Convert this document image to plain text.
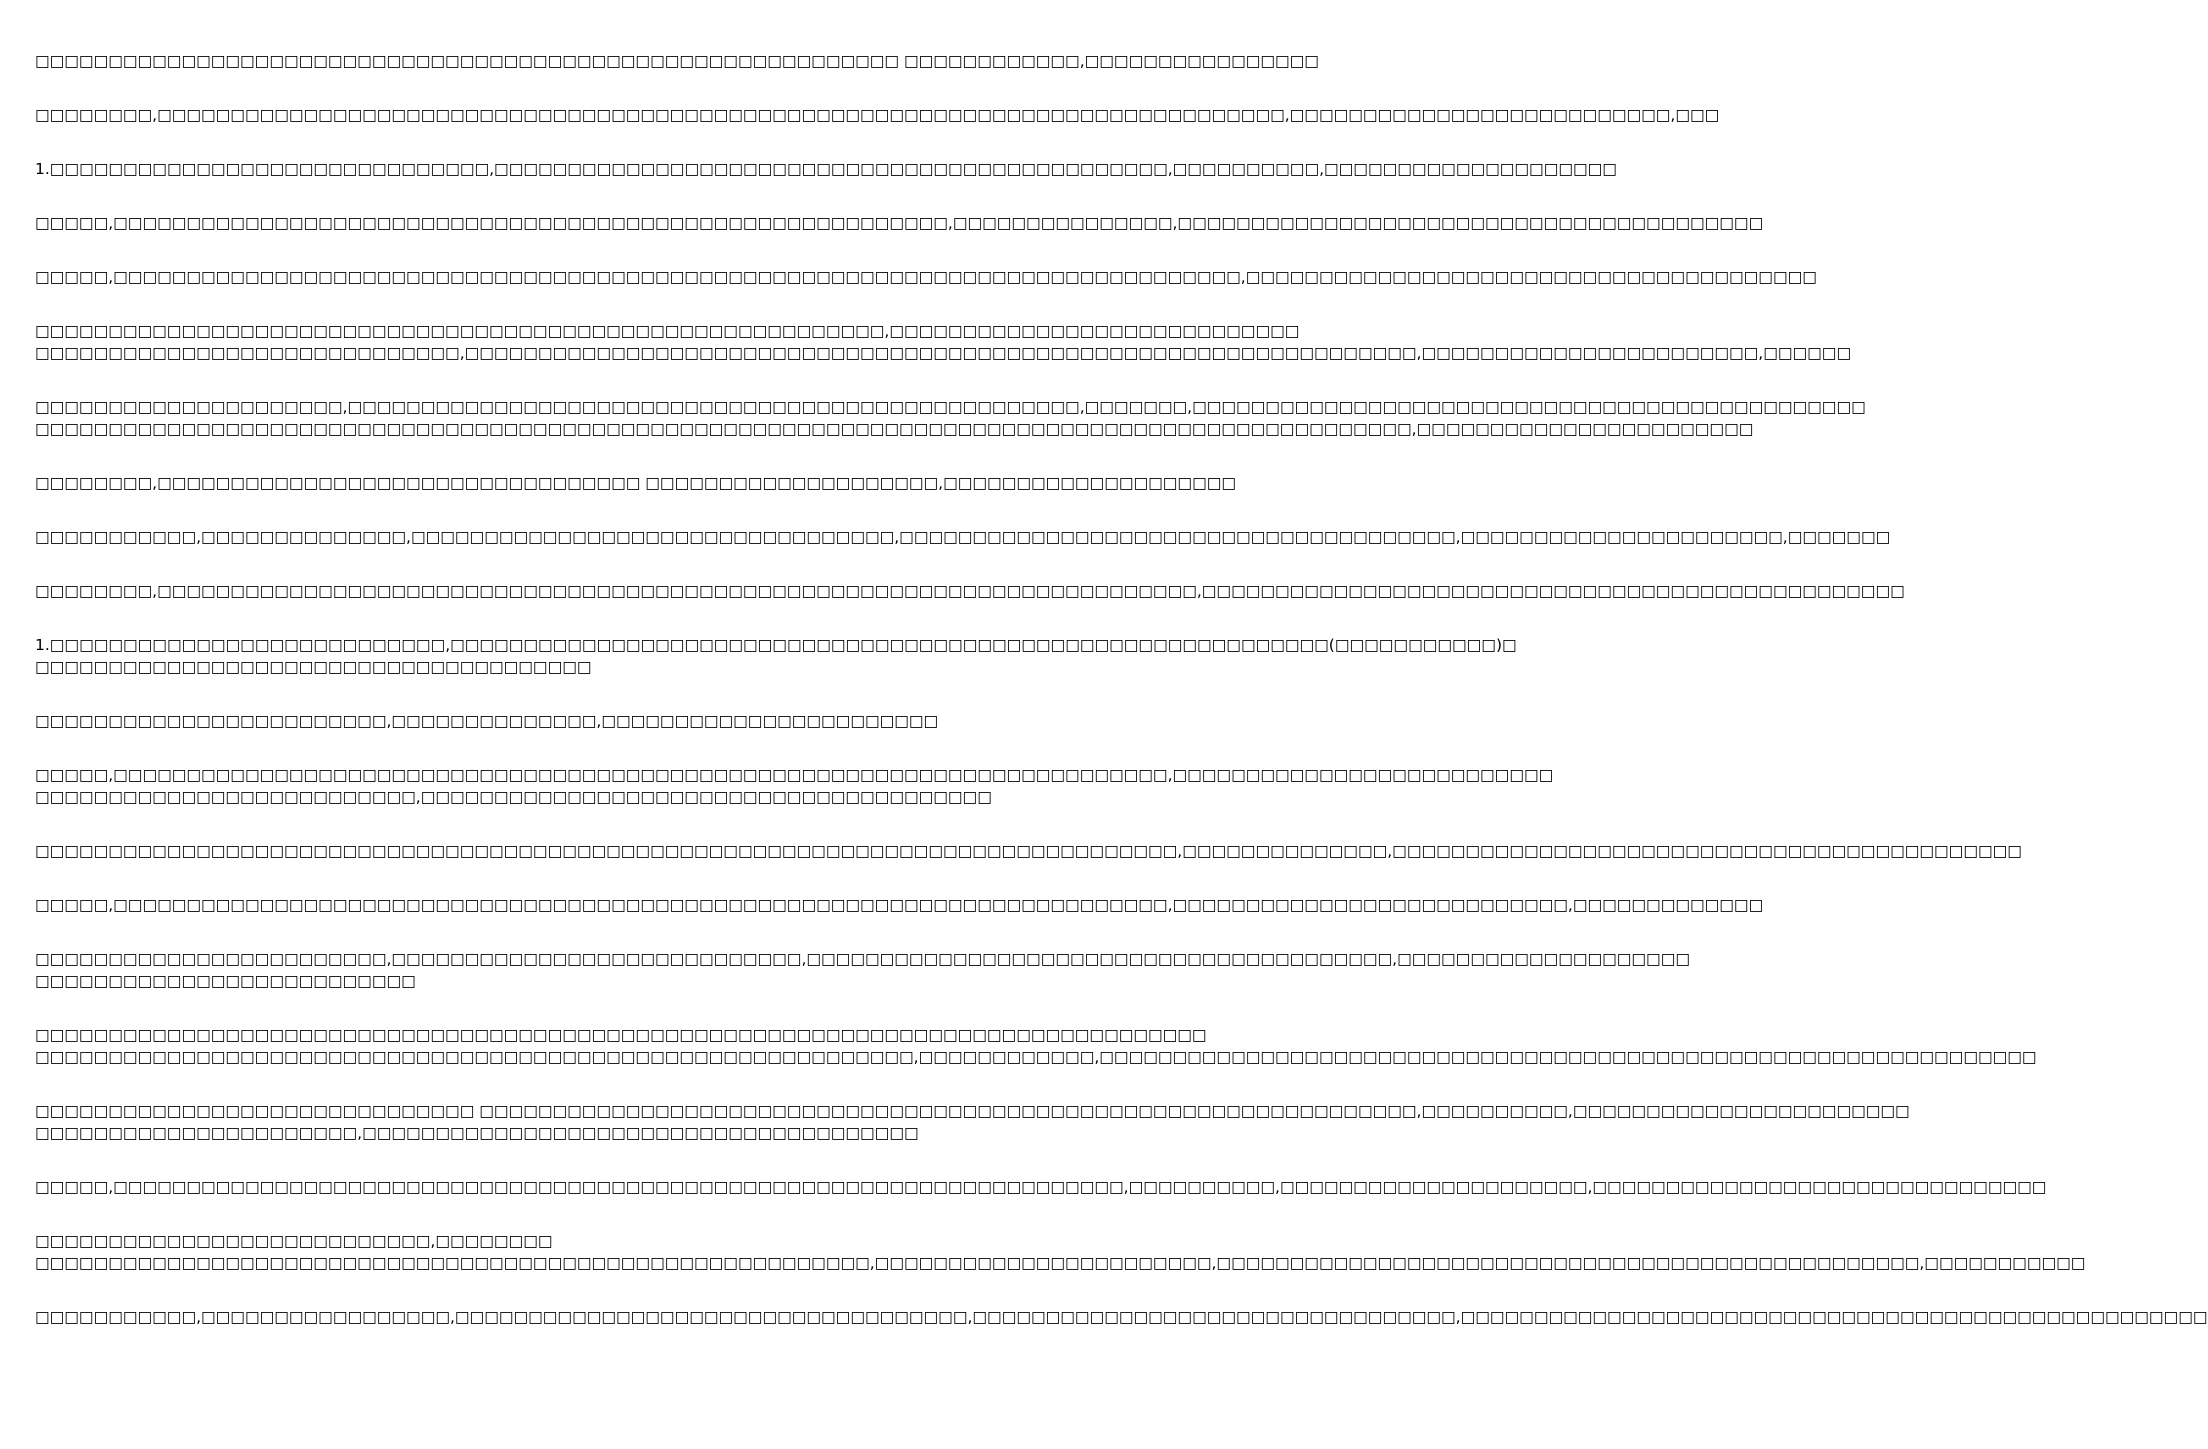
□□□□□□□□□□□□□□□□□□□□□□□□□□□□□□□□□□□□□□□□□□□□□□□□□□□□□□□□□□□ □□□□□□□□□□□□,□□□□□□□□□□□□□□□□

□□□□□□□□,□□□□□□□□□□□□□□□□□□□□□□□□□□□□□□□□□□□□□□□□□□□□□□□□□□□□□□□□□□□□□□□□□□□□□□□□□□□□□,□□□□□□□□□□□□□□□□□□□□□□□□□□,□□□

1.□□□□□□□□□□□□□□□□□□□□□□□□□□□□□□,□□□□□□□□□□□□□□□□□□□□□□□□□□□□□□□□□□□□□□□□□□□□□□,□□□□□□□□□□,□□□□□□□□□□□□□□□□□□□□

□□□□□,□□□□□□□□□□□□□□□□□□□□□□□□□□□□□□□□□□□□□□□□□□□□□□□□□□□□□□□□□,□□□□□□□□□□□□□□□,□□□□□□□□□□□□□□□□□□□□□□□□□□□□□□□□□□□□□□□□

□□□□□,□□□□□□□□□□□□□□□□□□□□□□□□□□□□□□□□□□□□□□□□□□□□□□□□□□□□□□□□□□□□□□□□□□□□□□□□□□□□□,□□□□□□□□□□□□□□□□□□□□□□□□□□□□□□□□□□□□□□□

□□□□□□□□□□□□□□□□□□□□□□□□□□□□□□□□□□□□□□□□□□□□□□□□□□□□□□□□□□,□□□□□□□□□□□□□□□□□□□□□□□□□□□□

□□□□□□□□□□□□□□□□□□□□□□□□□□□□□,□□□□□□□□□□□□□□□□□□□□□□□□□□□□□□□□□□□□□□□□□□□□□□□□□□□□□□□□□□□□□□□□□,□□□□□□□□□□□□□□□□□□□□□□□,□□□□□□

□□□□□□□□□□□□□□□□□□□□□,□□□□□□□□□□□□□□□□□□□□□□□□□□□□□□□□□□□□□□□□□□□□□□□□□□,□□□□□□□,□□□□□□□□□□□□□□□□□□□□□□□□□□□□□□□□□□□□□□□□□□□□□□

□□□□□□□□□□□□□□□□□□□□□□□□□□□□□□□□□□□□□□□□□□□□□□□□□□□□□□□□□□□□□□□□□□□□□□□□□□□□□□□□□□□□□□□□□□□□□□,□□□□□□□□□□□□□□□□□□□□□□□

□□□□□□□□,□□□□□□□□□□□□□□□□□□□□□□□□□□□□□□□□□ □□□□□□□□□□□□□□□□□□□□,□□□□□□□□□□□□□□□□□□□□

□□□□□□□□□□□,□□□□□□□□□□□□□□,□□□□□□□□□□□□□□□□□□□□□□□□□□□□□□□□□,□□□□□□□□□□□□□□□□□□□□□□□□□□□□□□□□□□□□□□,□□□□□□□□□□□□□□□□□□□□□□,□□□□□□□

□□□□□□□□,□□□□□□□□□□□□□□□□□□□□□□□□□□□□□□□□□□□□□□□□□□□□□□□□□□□□□□□□□□□□□□□□□□□□□□□,□□□□□□□□□□□□□□□□□□□□□□□□□□□□□□□□□□□□□□□□□□□□□□□□

1.□□□□□□□□□□□□□□□□□□□□□□□□□□□,□□□□□□□□□□□□□□□□□□□□□□□□□□□□□□□□□□□□□□□□□□□□□□□□□□□□□□□□□□□□(□□□□□□□□□□□)□

□□□□□□□□□□□□□□□□□□□□□□□□□□□□□□□□□□□□□□

□□□□□□□□□□□□□□□□□□□□□□□□,□□□□□□□□□□□□□□,□□□□□□□□□□□□□□□□□□□□□□□

□□□□□,□□□□□□□□□□□□□□□□□□□□□□□□□□□□□□□□□□□□□□□□□□□□□□□□□□□□□□□□□□□□□□□□□□□□□□□□,□□□□□□□□□□□□□□□□□□□□□□□□□□

□□□□□□□□□□□□□□□□□□□□□□□□□□,□□□□□□□□□□□□□□□□□□□□□□□□□□□□□□□□□□□□□□□

□□□□□□□□□□□□□□□□□□□□□□□□□□□□□□□□□□□□□□□□□□□□□□□□□□□□□□□□□□□□□□□□□□□□□□□□□□□□□□,□□□□□□□□□□□□□□,□□□□□□□□□□□□□□□□□□□□□□□□□□□□□□□□□□□□□□□□□□□

□□□□□,□□□□□□□□□□□□□□□□□□□□□□□□□□□□□□□□□□□□□□□□□□□□□□□□□□□□□□□□□□□□□□□□□□□□□□□□,□□□□□□□□□□□□□□□□□□□□□□□□□□□,□□□□□□□□□□□□□

□□□□□□□□□□□□□□□□□□□□□□□□,□□□□□□□□□□□□□□□□□□□□□□□□□□□□,□□□□□□□□□□□□□□□□□□□□□□□□□□□□□□□□□□□□□□□□,□□□□□□□□□□□□□□□□□□□□

□□□□□□□□□□□□□□□□□□□□□□□□□□

□□□□□□□□□□□□□□□□□□□□□□□□□□□□□□□□□□□□□□□□□□□□□□□□□□□□□□□□□□□□□□□□□□□□□□□□□□□□□□□□

□□□□□□□□□□□□□□□□□□□□□□□□□□□□□□□□□□□□□□□□□□□□□□□□□□□□□□□□□□□□,□□□□□□□□□□□□,□□□□□□□□□□□□□□□□□□□□□□□□□□□□□□□□□□□□□□□□□□□□□□□□□□□□□□□□□□□□□□□□

□□□□□□□□□□□□□□□□□□□□□□□□□□□□□□ □□□□□□□□□□□□□□□□□□□□□□□□□□□□□□□□□□□□□□□□□□□□□□□□□□□□□□□□□□□□□□□□,□□□□□□□□□□,□□□□□□□□□□□□□□□□□□□□□□□

□□□□□□□□□□□□□□□□□□□□□□,□□□□□□□□□□□□□□□□□□□□□□□□□□□□□□□□□□□□□□

□□□□□,□□□□□□□□□□□□□□□□□□□□□□□□□□□□□□□□□□□□□□□□□□□□□□□□□□□□□□□□□□□□□□□□□□□□□,□□□□□□□□□□,□□□□□□□□□□□□□□□□□□□□□,□□□□□□□□□□□□□□□□□□□□□□□□□□□□□□□

□□□□□□□□□□□□□□□□□□□□□□□□□□□,□□□□□□□□

□□□□□□□□□□□□□□□□□□□□□□□□□□□□□□□□□□□□□□□□□□□□□□□□□□□□□□□□□,□□□□□□□□□□□□□□□□□□□□□□□,□□□□□□□□□□□□□□□□□□□□□□□□□□□□□□□□□□□□□□□□□□□□□□□□,□□□□□□□□□□□

□□□□□□□□□□□,□□□□□□□□□□□□□□□□□,□□□□□□□□□□□□□□□□□□□□□□□□□□□□□□□□□□□,□□□□□□□□□□□□□□□□□□□□□□□□□□□□□□□□□,□□□□□□□□□□□□□□□□□□□□□□□□□□□□□□□□□□□□□□□□□□□□□□□□□□□
